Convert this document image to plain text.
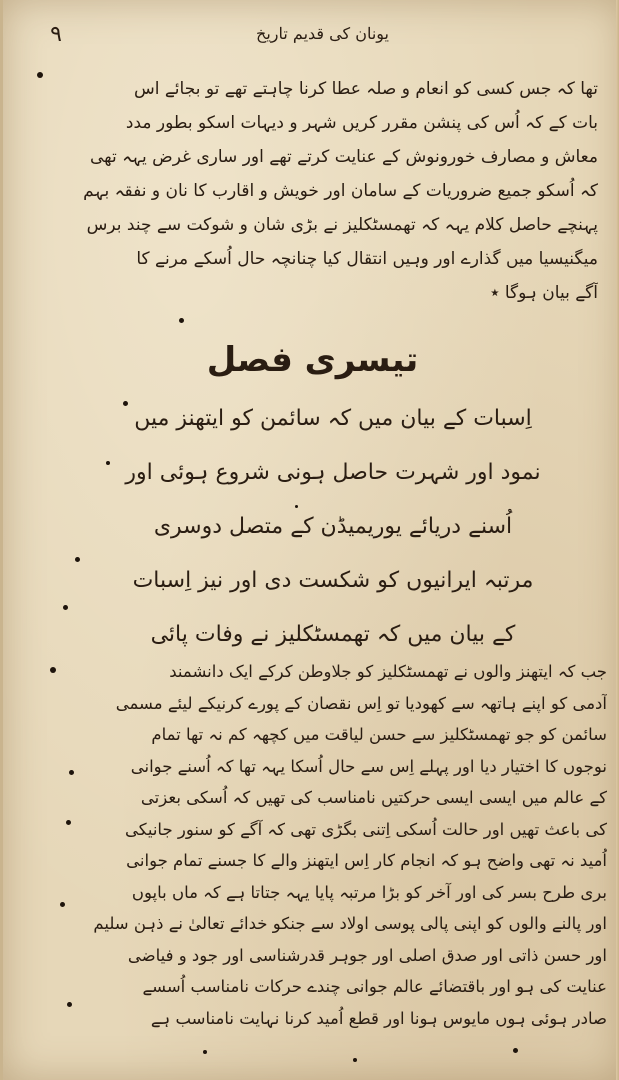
٩	یونان کی قدیم تاریخ
تھا کہ جس کسی کو انعام و صلہ عطا کرنا چاہتے تھے تو بجائے اس
بات کے کہ اُس کی پنشن مقرر کریں شہر و دیہات اسکو بطور مدد
معاش و مصارف خورونوش کے عنایت کرتے تھے اور ساری غرض یہہ تھی
کہ اُسکو جمیع ضروریات کے سامان اور خویش و اقارب کا نان و نفقہ بہم
پہنچے حاصل کلام یہہ کہ تھمسٹکلیز نے بڑی شان و شوکت سے چند برس
میگنیسیا میں گذارے اور وہیں انتقال کیا چنانچہ حال اُسکے مرنے کا
آگے بیان ہوگا ٭
تیسری فصل
اِسبات کے بیان میں کہ سائمن کو ایتھنز میں
نمود اور شہرت حاصل ہونی شروع ہوئی اور
اُسنے دریائے یوریمیڈن کے متصل دوسری
مرتبہ ایرانیوں کو شکست دی اور نیز اِسبات
کے بیان میں کہ تھمسٹکلیز نے وفات پائی
جب کہ ایتھنز والوں نے تھمسٹکلیز کو جلاوطن کرکے ایک دانشمند
آدمی کو اپنے ہاتھہ سے کھودیا تو اِس نقصان کے پورے کرنیکے لیئے مسمی
سائمن کو جو تھمسٹکلیز سے حسن لیاقت میں کچھہ کم نہ تھا تمام
نوجوں کا اختیار دیا اور پہلے اِس سے حال اُسکا یہہ تھا کہ اُسنے جوانی
کے عالم میں ایسی ایسی حرکتیں نامناسب کی تھیں کہ اُسکی بعزتی
کی باعث تھیں اور حالت اُسکی اِتنی بگڑی تھی کہ آگے کو سنور جانیکی
اُمید نہ تھی واضح ہو کہ انجام کار اِس ایتھنز والے کا جسنے تمام جوانی
بری طرح بسر کی اور آخر کو بڑا مرتبہ پایا یہہ جتاتا ہے کہ ماں باپوں
اور پالنے والوں کو اپنی پالی پوسی اولاد سے جنکو خدائے تعالیٰ نے ذہن سلیم
اور حسن ذاتی اور صدق اصلی اور جوہر قدرشناسی اور جود و فیاضی
عنایت کی ہو اور باقتضائے عالم جوانی چندے حرکات نامناسب اُسسے
صادر ہوئی ہوں مایوس ہونا اور قطع اُمید کرنا نہایت نامناسب ہے
